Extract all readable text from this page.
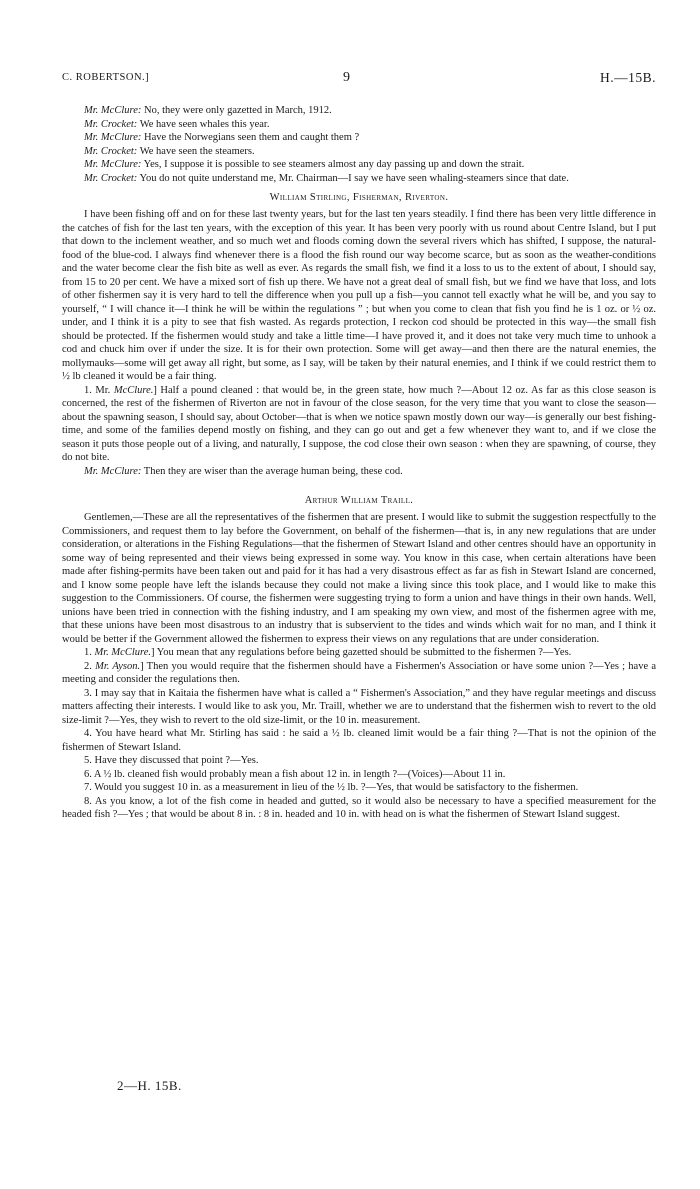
C. ROBERTSON.]	9	H.—15B.

Mr. McClure: No, they were only gazetted in March, 1912.

Mr. Crocket: We have seen whales this year.

Mr. McClure: Have the Norwegians seen them and caught them ?

Mr. Crocket: We have seen the steamers.

Mr. McClure: Yes, I suppose it is possible to see steamers almost any day passing up and down the strait.

Mr. Crocket: You do not quite understand me, Mr. Chairman—I say we have seen whaling-steamers since that date.

William Stirling, Fisherman, Riverton.

I have been fishing off and on for these last twenty years, but for the last ten years steadily. I find there has been very little difference in the catches of fish for the last ten years, with the exception of this year. It has been very poorly with us round about Centre Island, but I put that down to the inclement weather, and so much wet and floods coming down the several rivers which has shifted, I suppose, the natural-food of the blue-cod. I always find whenever there is a flood the fish round our way become scarce, but as soon as the weather-conditions and the water become clear the fish bite as well as ever. As regards the small fish, we find it a loss to us to the extent of about, I should say, from 15 to 20 per cent. We have a mixed sort of fish up there. We have not a great deal of small fish, but we find we have that loss, and lots of other fishermen say it is very hard to tell the difference when you pull up a fish—you cannot tell exactly what he will be, and you say to yourself, “ I will chance it—I think he will be within the regulations ” ; but when you come to clean that fish you find he is 1 oz. or ½ oz. under, and I think it is a pity to see that fish wasted. As regards protection, I reckon cod should be protected in this way—the small fish should be protected. If the fishermen would study and take a little time—I have proved it, and it does not take very much time to unhook a cod and chuck him over if under the size. It is for their own protection. Some will get away—and then there are the natural enemies, the mollymauks—some will get away all right, but some, as I say, will be taken by their natural enemies, and I think if we could restrict them to ½ lb cleaned it would be a fair thing.

1. Mr. McClure.] Half a pound cleaned : that would be, in the green state, how much ?—About 12 oz. As far as this close season is concerned, the rest of the fishermen of Riverton are not in favour of the close season, for the very time that you want to close the season—about the spawning season, I should say, about October—that is when we notice spawn mostly down our way—is generally our best fishing-time, and some of the families depend mostly on fishing, and they can go out and get a few whenever they want to, and if we close the season it puts those people out of a living, and naturally, I suppose, the cod close their own season : when they are spawning, of course, they do not bite.

Mr. McClure: Then they are wiser than the average human being, these cod.

Arthur William Traill.

Gentlemen,—These are all the representatives of the fishermen that are present. I would like to submit the suggestion respectfully to the Commissioners, and request them to lay before the Government, on behalf of the fishermen—that is, in any new regulations that are under consideration, or alterations in the Fishing Regulations—that the fishermen of Stewart Island and other centres should have an opportunity in some way of being represented and their views being expressed in some way. You know in this case, when certain alterations have been made after fishing-permits have been taken out and paid for it has had a very disastrous effect as far as fish in Stewart Island are concerned, and I know some people have left the islands because they could not make a living since this took place, and I would like to make this suggestion to the Commissioners. Of course, the fishermen were suggesting trying to form a union and have things in their own hands. Well, unions have been tried in connection with the fishing industry, and I am speaking my own view, and most of the fishermen agree with me, that these unions have been most disastrous to an industry that is subservient to the tides and winds which wait for no man, and I think it would be better if the Government allowed the fishermen to express their views on any regulations that are under consideration.

1. Mr. McClure.] You mean that any regulations before being gazetted should be submitted to the fishermen ?—Yes.

2. Mr. Ayson.] Then you would require that the fishermen should have a Fishermen's Association or have some union ?—Yes ; have a meeting and consider the regulations then.

3. I may say that in Kaitaia the fishermen have what is called a “ Fishermen's Association,” and they have regular meetings and discuss matters affecting their interests. I would like to ask you, Mr. Traill, whether we are to understand that the fishermen wish to revert to the old size-limit ?—Yes, they wish to revert to the old size-limit, or the 10 in. measurement.

4. You have heard what Mr. Stirling has said : he said a ½ lb. cleaned limit would be a fair thing ?—That is not the opinion of the fishermen of Stewart Island.

5. Have they discussed that point ?—Yes.

6. A ½ lb. cleaned fish would probably mean a fish about 12 in. in length ?—(Voices)—About 11 in.

7. Would you suggest 10 in. as a measurement in lieu of the ½ lb. ?—Yes, that would be satisfactory to the fishermen.

8. As you know, a lot of the fish come in headed and gutted, so it would also be necessary to have a specified measurement for the headed fish ?—Yes ; that would be about 8 in. : 8 in. headed and 10 in. with head on is what the fishermen of Stewart Island suggest.

2—H. 15B.
